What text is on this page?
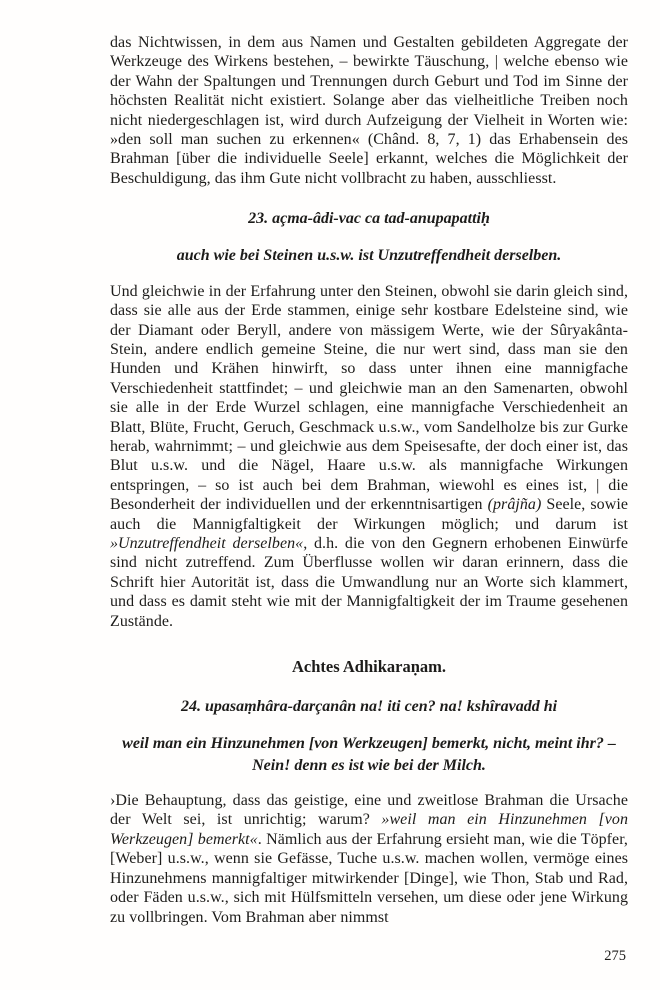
das Nichtwissen, in dem aus Namen und Gestalten gebildeten Aggregate der Werkzeuge des Wirkens bestehen, – bewirkte Täuschung, | welche ebenso wie der Wahn der Spaltungen und Trennungen durch Geburt und Tod im Sinne der höchsten Realität nicht existiert. Solange aber das vielheitliche Treiben noch nicht niedergeschlagen ist, wird durch Aufzeigung der Vielheit in Worten wie: »den soll man suchen zu erkennen« (Chând. 8, 7, 1) das Erhabensein des Brahman [über die individuelle Seele] erkannt, welches die Möglichkeit der Beschuldigung, das ihm Gute nicht vollbracht zu haben, ausschliesst.

23. açma-âdi-vac ca tad-anupapattiḥ
auch wie bei Steinen u.s.w. ist Unzutreffendheit derselben.

Und gleichwie in der Erfahrung unter den Steinen, obwohl sie darin gleich sind, dass sie alle aus der Erde stammen, einige sehr kostbare Edelsteine sind, wie der Diamant oder Beryll, andere von mässigem Werte, wie der Sûryakânta-Stein, andere endlich gemeine Steine, die nur wert sind, dass man sie den Hunden und Krähen hinwirft, so dass unter ihnen eine mannigfache Verschiedenheit stattfindet; – und gleichwie man an den Samenarten, obwohl sie alle in der Erde Wurzel schlagen, eine mannigfache Verschiedenheit an Blatt, Blüte, Frucht, Geruch, Geschmack u.s.w., vom Sandelholze bis zur Gurke herab, wahrnimmt; – und gleichwie aus dem Speisesafte, der doch einer ist, das Blut u.s.w. und die Nägel, Haare u.s.w. als mannigfache Wirkungen entspringen, – so ist auch bei dem Brahman, wiewohl es eines ist, | die Besonderheit der individuellen und der erkenntnisartigen (prâjña) Seele, sowie auch die Mannigfaltigkeit der Wirkungen möglich; und darum ist »Unzutreffendheit derselben«, d.h. die von den Gegnern erhobenen Einwürfe sind nicht zutreffend. Zum Überflusse wollen wir daran erinnern, dass die Schrift hier Autorität ist, dass die Umwandlung nur an Worte sich klammert, und dass es damit steht wie mit der Mannigfaltigkeit der im Traume gesehenen Zustände.

Achtes Adhikaraṇam.
24. upasaṃhâra-darçanân na! iti cen? na! kshîravadd hi
weil man ein Hinzunehmen [von Werkzeugen] bemerkt, nicht, meint ihr? – Nein! denn es ist wie bei der Milch.

›Die Behauptung, dass das geistige, eine und zweitlose Brahman die Ursache der Welt sei, ist unrichtig; warum? »weil man ein Hinzunehmen [von Werkzeugen] bemerkt«. Nämlich aus der Erfahrung ersieht man, wie die Töpfer, [Weber] u.s.w., wenn sie Gefässe, Tuche u.s.w. machen wollen, vermöge eines Hinzunehmens mannigfaltiger mitwirkender [Dinge], wie Thon, Stab und Rad, oder Fäden u.s.w., sich mit Hülfsmitteln versehen, um diese oder jene Wirkung zu vollbringen. Vom Brahman aber nimmst

275
